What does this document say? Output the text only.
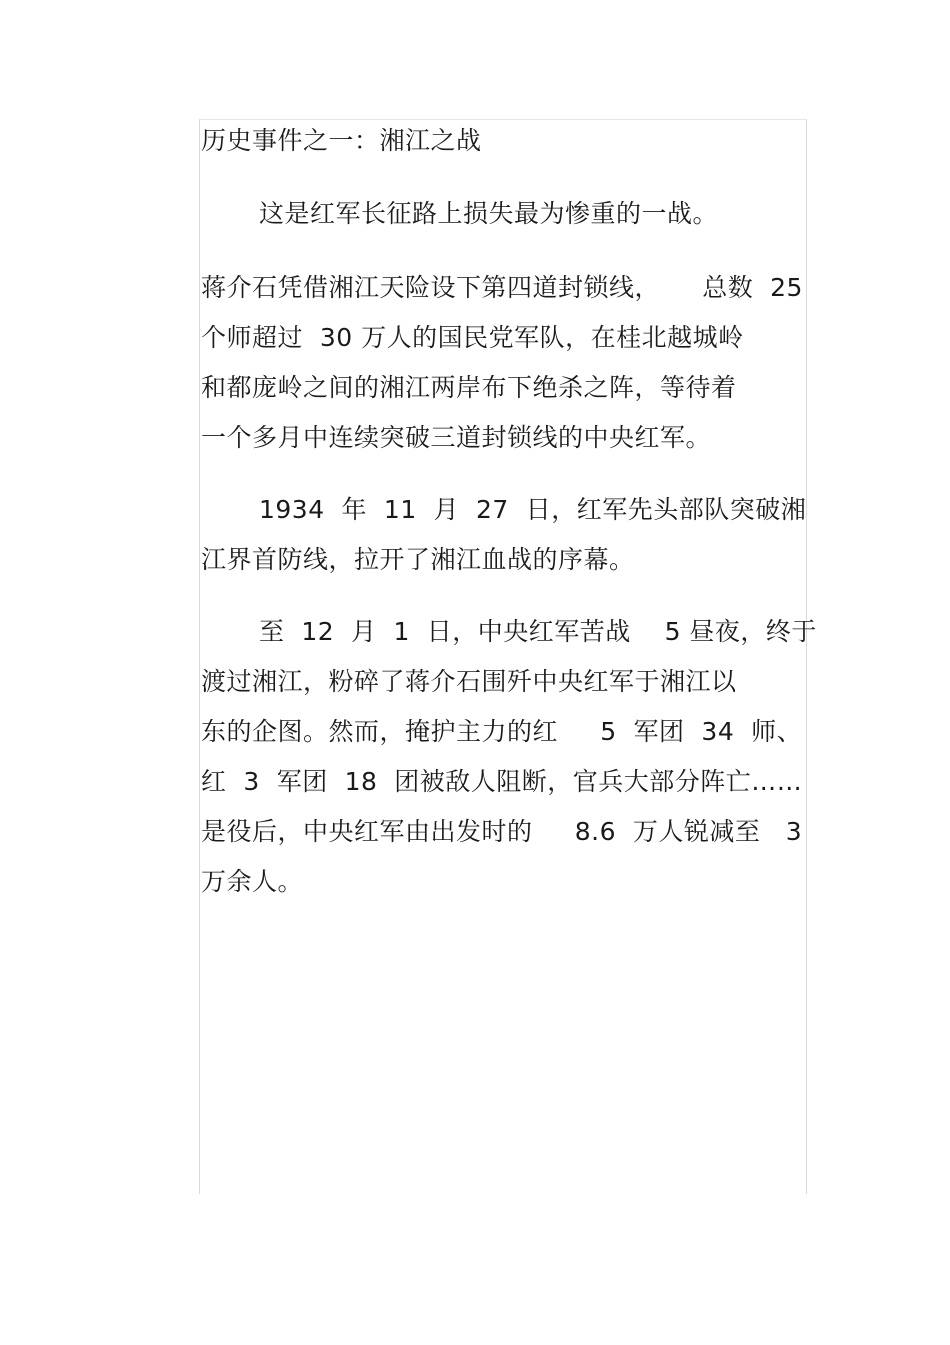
历史事件之一：湘江之战
这是红军长征路上损失最为惨重的一战。
蒋介石凭借湘江天险设下第四道封锁线，     总数  25
个师超过  30 万人的国民党军队，在桂北越城岭
和都庞岭之间的湘江两岸布下绝杀之阵，等待着
一个多月中连续突破三道封锁线的中央红军。
1934  年  11  月  27  日，红军先头部队突破湘
江界首防线，拉开了湘江血战的序幕。
至  12  月  1  日，中央红军苦战    5 昼夜，终于
渡过湘江，粉碎了蒋介石围歼中央红军于湘江以
东的企图。然而，掩护主力的红     5  军团  34  师、
红  3  军团  18  团被敌人阻断，官兵大部分阵亡……
是役后，中央红军由出发时的     8.6  万人锐减至   3
万余人。
